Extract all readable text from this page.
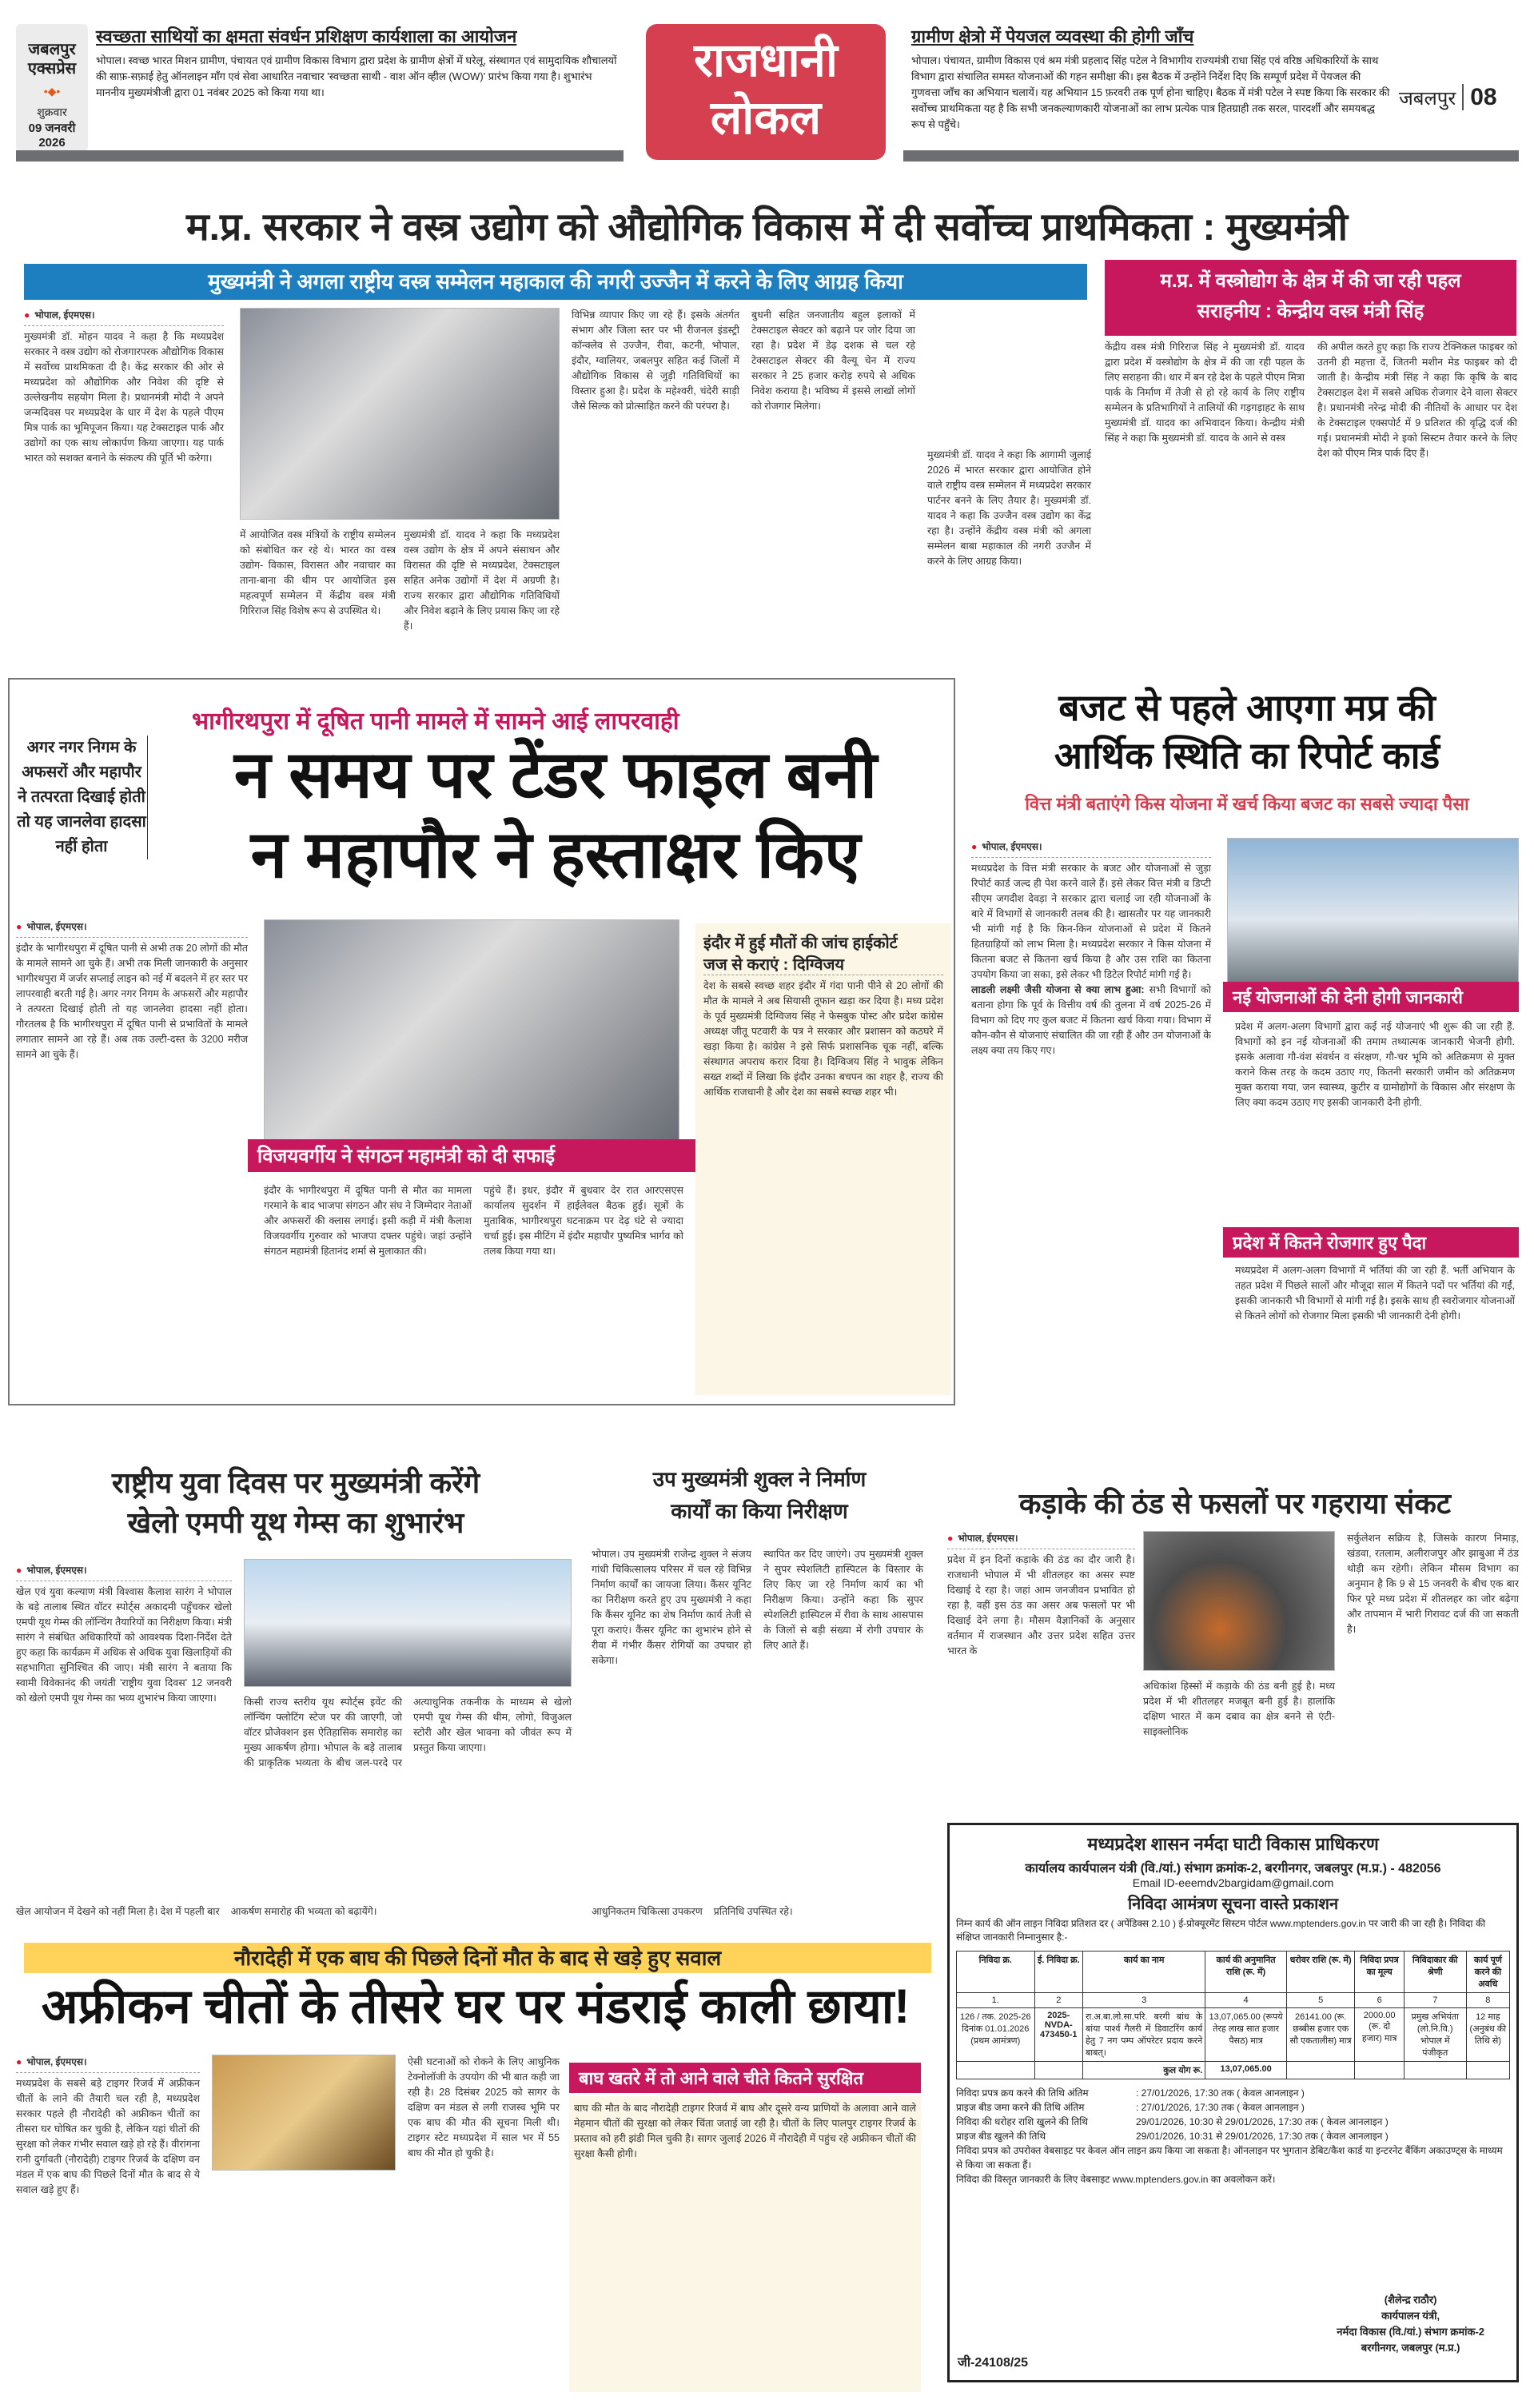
जबलपुर एक्सप्रेस
•◆•
शुक्रवार
09 जनवरी 2026
स्वच्छता साथियों का क्षमता संवर्धन प्रशिक्षण कार्यशाला का आयोजन

भोपाल। स्वच्छ भारत मिशन ग्रामीण, पंचायत एवं ग्रामीण विकास विभाग द्वारा प्रदेश के ग्रामीण क्षेत्रों में घरेलू, संस्थागत एवं सामुदायिक शौचालयों की साफ़-सफ़ाई हेतु ऑनलाइन माँग एवं सेवा आधारित नवाचार 'स्वच्छता साथी - वाश ऑन व्हील (WOW)' प्रारंभ किया गया है। शुभारंभ माननीय मुख्यमंत्रीजी द्वारा 01 नवंबर 2025 को किया गया था।

राजधानी
लोकल
ग्रामीण क्षेत्रो में पेयजल व्यवस्था की होगी जाँच

भोपाल। पंचायत, ग्रामीण विकास एवं श्रम मंत्री प्रहलाद सिंह पटेल ने विभागीय राज्यमंत्री राधा सिंह एवं वरिष्ठ अधिकारियों के साथ विभाग द्वारा संचालित समस्त योजनाओं की गहन समीक्षा की। इस बैठक में उन्होंने निर्देश दिए कि सम्पूर्ण प्रदेश में पेयजल की गुणवत्ता जाँच का अभियान चलायें। यह अभियान 15 फ़रवरी तक पूर्ण होना चाहिए। बैठक में मंत्री पटेल ने स्पष्ट किया कि सरकार की सर्वोच्च प्राथमिकता यह है कि सभी जनकल्याणकारी योजनाओं का लाभ प्रत्येक पात्र हितग्राही तक सरल, पारदर्शी और समयबद्ध रूप से पहुँचे।

जबलपुर 08
म.प्र. सरकार ने वस्त्र उद्योग को औद्योगिक विकास में दी सर्वोच्च प्राथमिकता : मुख्यमंत्री
मुख्यमंत्री ने अगला राष्ट्रीय वस्त्र सम्मेलन महाकाल की नगरी उज्जैन में करने के लिए आग्रह किया	म.प्र. में वस्त्रोद्योग के क्षेत्र में की जा रही पहल
सराहनीय : केन्द्रीय वस्त्र मंत्री सिंह
● भोपाल, ईएमएस।
मुख्यमंत्री डॉ. मोहन यादव ने कहा है कि मध्यप्रदेश सरकार ने वस्त्र उद्योग को रोजगारपरक औद्योगिक विकास में सर्वोच्च प्राथमिकता दी है। केंद्र सरकार की ओर से मध्यप्रदेश को औद्योगिक और निवेश की दृष्टि से उल्लेखनीय सहयोग मिला है। प्रधानमंत्री मोदी ने अपने जन्मदिवस पर मध्यप्रदेश के धार में देश के पहले पीएम मित्र पार्क का भूमिपूजन किया। यह टेक्सटाइल पार्क और उद्योगों का एक साथ लोकार्पण किया जाएगा। यह पार्क भारत को सशक्त बनाने के संकल्प की पूर्ति भी करेगा।
में आयोजित वस्त्र मंत्रियों के राष्ट्रीय सम्मेलन को संबोधित कर रहे थे। भारत का वस्त्र उद्योग- विकास, विरासत और नवाचार का ताना-बाना की थीम पर आयोजित इस महत्वपूर्ण सम्मेलन में केंद्रीय वस्त्र मंत्री गिरिराज सिंह विशेष रूप से उपस्थित थे।
मुख्यमंत्री डॉ. यादव ने कहा कि मध्यप्रदेश वस्त्र उद्योग के क्षेत्र में अपने संसाधन और विरासत की दृष्टि से मध्यप्रदेश, टेक्सटाइल सहित अनेक उद्योगों में देश में अग्रणी है। राज्य सरकार द्वारा औद्योगिक गतिविधियों और निवेश बढ़ाने के लिए प्रयास किए जा रहे हैं।
विभिन्न व्यापार किए जा रहे हैं। इसके अंतर्गत संभाग और जिला स्तर पर भी रीजनल इंडस्ट्री कॉन्क्लेव से उज्जैन, रीवा, कटनी, भोपाल, इंदौर, ग्वालियर, जबलपुर सहित कई जिलों में औद्योगिक विकास से जुड़ी गतिविधियों का विस्तार हुआ है। प्रदेश के महेश्वरी, चंदेरी साड़ी जैसे सिल्क को प्रोत्साहित करने की परंपरा है।
बुधनी सहित जनजातीय बहुल इलाकों में टेक्सटाइल सेक्टर को बढ़ाने पर जोर दिया जा रहा है। प्रदेश में डेढ़ दशक से चल रहे टेक्सटाइल सेक्टर की वैल्यू चेन में राज्य सरकार ने 25 हजार करोड़ रुपये से अधिक निवेश कराया है। भविष्य में इससे लाखों लोगों को रोजगार मिलेगा।
मुख्यमंत्री डॉ. यादव ने कहा कि आगामी जुलाई 2026 में भारत सरकार द्वारा आयोजित होने वाले राष्ट्रीय वस्त्र सम्मेलन में मध्यप्रदेश सरकार पार्टनर बनने के लिए तैयार है। मुख्यमंत्री डॉ. यादव ने कहा कि उज्जैन वस्त्र उद्योग का केंद्र रहा है। उन्होंने केंद्रीय वस्त्र मंत्री को अगला सम्मेलन बाबा महाकाल की नगरी उज्जैन में करने के लिए आग्रह किया।
केंद्रीय वस्त्र मंत्री गिरिराज सिंह ने मुख्यमंत्री डॉ. यादव द्वारा प्रदेश में वस्त्रोद्योग के क्षेत्र में की जा रही पहल के लिए सराहना की। धार में बन रहे देश के पहले पीएम मित्रा पार्क के निर्माण में तेजी से हो रहे कार्य के लिए राष्ट्रीय सम्मेलन के प्रतिभागियों ने तालियों की गड़गड़ाहट के साथ मुख्यमंत्री डॉ. यादव का अभिवादन किया। केन्द्रीय मंत्री सिंह ने कहा कि मुख्यमंत्री डॉ. यादव के आने से वस्त्र
की अपील करते हुए कहा कि राज्य टेक्निकल फाइबर को उतनी ही महत्ता दें, जितनी मशीन मेड फाइबर को दी जाती है। केन्द्रीय मंत्री सिंह ने कहा कि कृषि के बाद टेक्सटाइल देश में सबसे अधिक रोजगार देने वाला सेक्टर है। प्रधानमंत्री नरेन्द्र मोदी की नीतियों के आधार पर देश के टेक्सटाइल एक्सपोर्ट में 9 प्रतिशत की वृद्धि दर्ज की गई। प्रधानमंत्री मोदी ने इको सिस्टम तैयार करने के लिए देश को पीएम मित्र पार्क दिए हैं।
भागीरथपुरा में दूषित पानी मामले में सामने आई लापरवाही
अगर नगर निगम के अफसरों और महापौर ने तत्परता दिखाई होती तो यह जानलेवा हादसा नहीं होता
न समय पर टेंडर फाइल बनी
न महापौर ने हस्ताक्षर किए
● भोपाल, ईएमएस।
इंदौर के भागीरथपुरा में दूषित पानी से अभी तक 20 लोगों की मौत के मामले सामने आ चुके हैं। अभी तक मिली जानकारी के अनुसार भागीरथपुरा में जर्जर सप्लाई लाइन को नई में बदलने में हर स्तर पर लापरवाही बरती गई है। अगर नगर निगम के अफसरों और महापौर ने तत्परता दिखाई होती तो यह जानलेवा हादसा नहीं होता। गौरतलब है कि भागीरथपुरा में दूषित पानी से प्रभावितों के मामले लगातार सामने आ रहे हैं। अब तक उल्टी-दस्त के 3200 मरीज सामने आ चुके हैं।
विजयवर्गीय ने संगठन महामंत्री को दी सफाई
इंदौर के भागीरथपुरा में दूषित पानी से मौत का मामला गरमाने के बाद भाजपा संगठन और संघ ने जिम्मेदार नेताओं और अफसरों की क्लास लगाई। इसी कड़ी में मंत्री कैलाश विजयवर्गीय गुरुवार को भाजपा दफ्तर पहुंचे। जहां उन्होंने संगठन महामंत्री हितानंद शर्मा से मुलाकात की।
पहुंचे हैं। इधर, इंदौर में बुधवार देर रात आरएसएस कार्यालय सुदर्शन में हाईलेवल बैठक हुई। सूत्रों के मुताबिक, भागीरथपुरा घटनाक्रम पर देढ़ घंटे से ज्यादा चर्चा हुई। इस मीटिंग में इंदौर महापौर पुष्यमित्र भार्गव को तलब किया गया था।
इंदौर में हुई मौतों की जांच हाईकोर्ट
जज से कराएं : दिग्विजय
देश के सबसे स्वच्छ शहर इंदौर में गंदा पानी पीने से 20 लोगों की मौत के मामले ने अब सियासी तूफान खड़ा कर दिया है। मध्य प्रदेश के पूर्व मुख्यमंत्री दिग्विजय सिंह ने फेसबुक पोस्ट और प्रदेश कांग्रेस अध्यक्ष जीतू पटवारी के पत्र ने सरकार और प्रशासन को कठघरे में खड़ा किया है। कांग्रेस ने इसे सिर्फ प्रशासनिक चूक नहीं, बल्कि संस्थागत अपराध करार दिया है। दिग्विजय सिंह ने भावुक लेकिन सख्त शब्दों में लिखा कि इंदौर उनका बचपन का शहर है, राज्य की आर्थिक राजधानी है और देश का सबसे स्वच्छ शहर भी।
बजट से पहले आएगा मप्र की
आर्थिक स्थिति का रिपोर्ट कार्ड
वित्त मंत्री बताएंगे किस योजना में खर्च किया बजट का सबसे ज्यादा पैसा
● भोपाल, ईएमएस।
मध्यप्रदेश के वित्त मंत्री सरकार के बजट और योजनाओं से जुड़ा रिपोर्ट कार्ड जल्द ही पेश करने वाले हैं। इसे लेकर वित्त मंत्री व डिप्टी सीएम जगदीश देवड़ा ने सरकार द्वारा चलाई जा रही योजनाओं के बारे में विभागों से जानकारी तलब की है। खासतौर पर यह जानकारी भी मांगी गई है कि किन-किन योजनाओं से प्रदेश में कितने हितग्राहियों को लाभ मिला है। मध्यप्रदेश सरकार ने किस योजना में कितना बजट से कितना खर्च किया है और उस राशि का कितना उपयोग किया जा सका, इसे लेकर भी डिटेल रिपोर्ट मांगी गई है।
लाडली लक्ष्मी जैसी योजना से क्या लाभ हुआ: सभी विभागों को बताना होगा कि पूर्व के वित्तीय वर्ष की तुलना में वर्ष 2025-26 में विभाग को दिए गए कुल बजट में कितना खर्च किया गया। विभाग में कौन-कौन से योजनाएं संचालित की जा रही हैं और उन योजनाओं के लक्ष्य क्या तय किए गए।
नई योजनाओं की देनी होगी जानकारी
प्रदेश में अलग-अलग विभागों द्वारा कई नई योजनाएं भी शुरू की जा रही हैं. विभागों को इन नई योजनाओं की तमाम तथ्यात्मक जानकारी भेजनी होगी. इसके अलावा गौ-वंश संवर्धन व संरक्षण, गौ-चर भूमि को अतिक्रमण से मुक्त कराने किस तरह के कदम उठाए गए, कितनी सरकारी जमीन को अतिक्रमण मुक्त कराया गया, जन स्वास्थ्य, कुटीर व ग्रामोद्योगों के विकास और संरक्षण के लिए क्या कदम उठाए गए इसकी जानकारी देनी होगी.
प्रदेश में कितने रोजगार हुए पैदा
मध्यप्रदेश में अलग-अलग विभागों में भर्तियां की जा रही हैं. भर्ती अभियान के तहत प्रदेश में पिछले सालों और मौजूदा साल में कितने पदों पर भर्तियां की गईं, इसकी जानकारी भी विभागों से मांगी गई है। इसके साथ ही स्वरोजगार योजनाओं से कितने लोगों को रोजगार मिला इसकी भी जानकारी देनी होगी।
राष्ट्रीय युवा दिवस पर मुख्यमंत्री करेंगे
खेलो एमपी यूथ गेम्स का शुभारंभ
● भोपाल, ईएमएस।
खेल एवं युवा कल्याण मंत्री विश्वास कैलाश सारंग ने भोपाल के बड़े तालाब स्थित वॉटर स्पोर्ट्स अकादमी पहुँचकर खेलो एमपी यूथ गेम्स की लॉन्चिंग तैयारियों का निरीक्षण किया। मंत्री सारंग ने संबंधित अधिकारियों को आवश्यक दिशा-निर्देश देते हुए कहा कि कार्यक्रम में अधिक से अधिक युवा खिलाड़ियों की सहभागिता सुनिश्चित की जाए। मंत्री सारंग ने बताया कि स्वामी विवेकानंद की जयंती 'राष्ट्रीय युवा दिवस' 12 जनवरी को खेलो एमपी यूथ गेम्स का भव्य शुभारंभ किया जाएगा।	किसी राज्य स्तरीय यूथ स्पोर्ट्स इवेंट की लॉन्चिंग फ्लोटिंग स्टेज पर की जाएगी, जो वॉटर प्रोजेक्शन इस ऐतिहासिक समारोह का मुख्य आकर्षण होगा। भोपाल के बड़े तालाब की प्राकृतिक भव्यता के बीच जल-परदे पर अत्याधुनिक तकनीक के माध्यम से खेलो एमपी यूथ गेम्स की थीम, लोगो, विजुअल स्टोरी और खेल भावना को जीवंत रूप में प्रस्तुत किया जाएगा।
खेल आयोजन में देखने को नहीं मिला है। देश में पहली बार आकर्षण समारोह की भव्यता को बढ़ायेंगे।
उप मुख्यमंत्री शुक्ल ने निर्माण
कार्यों का किया निरीक्षण
भोपाल। उप मुख्यमंत्री राजेन्द्र शुक्ल ने संजय गांधी चिकित्सालय परिसर में चल रहे विभिन्न निर्माण कार्यों का जायजा लिया। कैंसर यूनिट का निरीक्षण करते हुए उप मुख्यमंत्री ने कहा कि कैंसर यूनिट का शेष निर्माण कार्य तेजी से पूरा कराएं। कैंसर यूनिट का शुभारंभ होने से रीवा में गंभीर कैंसर रोगियों का उपचार हो सकेगा।
स्थापित कर दिए जाएंगे। उप मुख्यमंत्री शुक्ल ने सुपर स्पेशलिटी हास्पिटल के विस्तार के लिए किए जा रहे निर्माण कार्य का भी निरीक्षण किया। उन्होंने कहा कि सुपर स्पेशलिटी हास्पिटल में रीवा के साथ आसपास के जिलों से बड़ी संख्या में रोगी उपचार के लिए आते हैं।
आधुनिकतम चिकित्सा उपकरण प्रतिनिधि उपस्थित रहे।
कड़ाके की ठंड से फसलों पर गहराया संकट
● भोपाल, ईएमएस।
प्रदेश में इन दिनों कड़ाके की ठंड का दौर जारी है। राजधानी भोपाल में भी शीतलहर का असर स्पष्ट दिखाई दे रहा है। जहां आम जनजीवन प्रभावित हो रहा है, वहीं इस ठंड का असर अब फसलों पर भी दिखाई देने लगा है। मौसम वैज्ञानिकों के अनुसार वर्तमान में राजस्थान और उत्तर प्रदेश सहित उत्तर भारत के
अधिकांश हिस्सों में कड़ाके की ठंड बनी हुई है। मध्य प्रदेश में भी शीतलहर मजबूत बनी हुई है। हालांकि दक्षिण भारत में कम दबाव का क्षेत्र बनने से एंटी-साइक्लोनिक
सर्कुलेशन सक्रिय है, जिसके कारण निमाड़, खंडवा, रतलाम, अलीराजपुर और झाबुआ में ठंड थोड़ी कम रहेगी। लेकिन मौसम विभाग का अनुमान है कि 9 से 15 जनवरी के बीच एक बार फिर पूरे मध्य प्रदेश में शीतलहर का जोर बढ़ेगा और तापमान में भारी गिरावट दर्ज की जा सकती है।
मध्यप्रदेश शासन नर्मदा घाटी विकास प्राधिकरण
कार्यालय कार्यपालन यंत्री (वि./यां.) संभाग क्रमांक-2, बरगीनगर, जबलपुर (म.प्र.) - 482056
Email ID-eeemdv2bargidam@gmail.com
निविदा आमंत्रण सूचना वास्ते प्रकाशन
निम्न कार्य की ऑन लाइन निविदा प्रतिशत दर ( अपेंडिक्स 2.10 ) ई-प्रोक्यूरमेंट सिस्टम पोर्टल www.mptenders.gov.in पर जारी की जा रही है। निविदा की संक्षिप्त जानकारी निम्नानुसार है:-
निविदा क्र.	ई. निविदा क्र.	कार्य का नाम	कार्य की अनुमानित राशि (रू. में)	धरोवर राशि (रू. में)	निविदा प्रपत्र का मूल्य	निविदाकार की श्रेणी	कार्य पूर्ण करने की अवधि
1.	2	3	4	5	6	7	8
126 / तक. 2025-26 दिनांक 01.01.2026 (प्रथम आमंत्रण)	2025-NVDA-473450-1	रा.अ.बा.लो.सा.परि. बरगी बांध के बांया पार्श्व गैलरी में डिवाटरिंग कार्य हेतु 7 नग पम्प ऑपरेटर प्रदाय करने बाबत्।	13,07,065.00 (रूपये तेरह लाख सात हजार पैसठ) मात्र	26141.00 (रू. छब्बीस हजार एक सौ एकतालीस) मात्र	2000.00 (रू. दो हजार) मात्र	प्रमुख अभियंता (लो.नि.वि.) भोपाल में पंजीकृत	12 माह (अनुबंध की तिथि से)
		कुल योग रू.	13,07,065.00				
निविदा प्रपत्र क्रय करने की तिथि अंतिम	: 27/01/2026, 17:30 तक ( केवल आनलाइन )
प्राइज बीड जमा करने की तिथि अंतिम	: 27/01/2026, 17:30 तक ( केवल आनलाइन )
निविदा की धरोहर राशि खुलने की तिथि	29/01/2026, 10:30 से 29/01/2026, 17:30 तक ( केवल आनलाइन )
प्राइज बीड खुलने की तिथि	29/01/2026, 10:31 से 29/01/2026, 17:30 तक ( केवल आनलाइन )
निविदा प्रपत्र को उपरोक्त वेबसाइट पर केवल ऑन लाइन क्रय किया जा सकता है। ऑनलाइन पर भुगतान डेबिट/कैश कार्ड या इन्टरनेट बैंकिंग अकाउण्ट्स के माध्यम से किया जा सकता हैं।
निविदा की विस्तृत जानकारी के लिए वेबसाइट www.mptenders.gov.in का अवलोकन करें।
(शैलेन्द्र राठौर)
कार्यपालन यंत्री,
नर्मदा विकास (वि./यां.) संभाग क्रमांक-2
बरगीनगर, जबलपुर (म.प्र.)
जी-24108/25
नौरादेही में एक बाघ की पिछले दिनों मौत के बाद से खड़े हुए सवाल
अफ्रीकन चीतों के तीसरे घर पर मंडराई काली छाया!
● भोपाल, ईएमएस।
मध्यप्रदेश के सबसे बड़े टाइगर रिजर्व में अफ्रीकन चीतों के लाने की तैयारी चल रही है, मध्यप्रदेश सरकार पहले ही नौरादेही को अफ्रीकन चीतों का तीसरा घर घोषित कर चुकी है, लेकिन यहां चीतों की सुरक्षा को लेकर गंभीर सवाल खड़े हो रहे हैं। वीरांगना रानी दुर्गावती (नौरादेही) टाइगर रिजर्व के दक्षिण वन मंडल में एक बाघ की पिछले दिनों मौत के बाद से ये सवाल खड़े हुए हैं।
ऐसी घटनाओं को रोकने के लिए आधुनिक टेक्नोलॉजी के उपयोग की भी बात कही जा रही है। 28 दिसंबर 2025 को सागर के दक्षिण वन मंडल से लगी राजस्व भूमि पर एक बाघ की मौत की सूचना मिली थी। टाइगर स्टेट मध्यप्रदेश में साल भर में 55 बाघ की मौत हो चुकी है।
बाघ खतरे में तो आने वाले चीते कितने सुरक्षित
बाघ की मौत के बाद नौरादेही टाइगर रिजर्व में बाघ और दूसरे वन्य प्राणियों के अलावा आने वाले मेहमान चीतों की सुरक्षा को लेकर चिंता जताई जा रही है। चीतों के लिए पालपुर टाइगर रिजर्व के प्रस्ताव को हरी झंडी मिल चुकी है। सागर जुलाई 2026 में नौरादेही में पहुंच रहे अफ्रीकन चीतों की सुरक्षा कैसी होगी।
